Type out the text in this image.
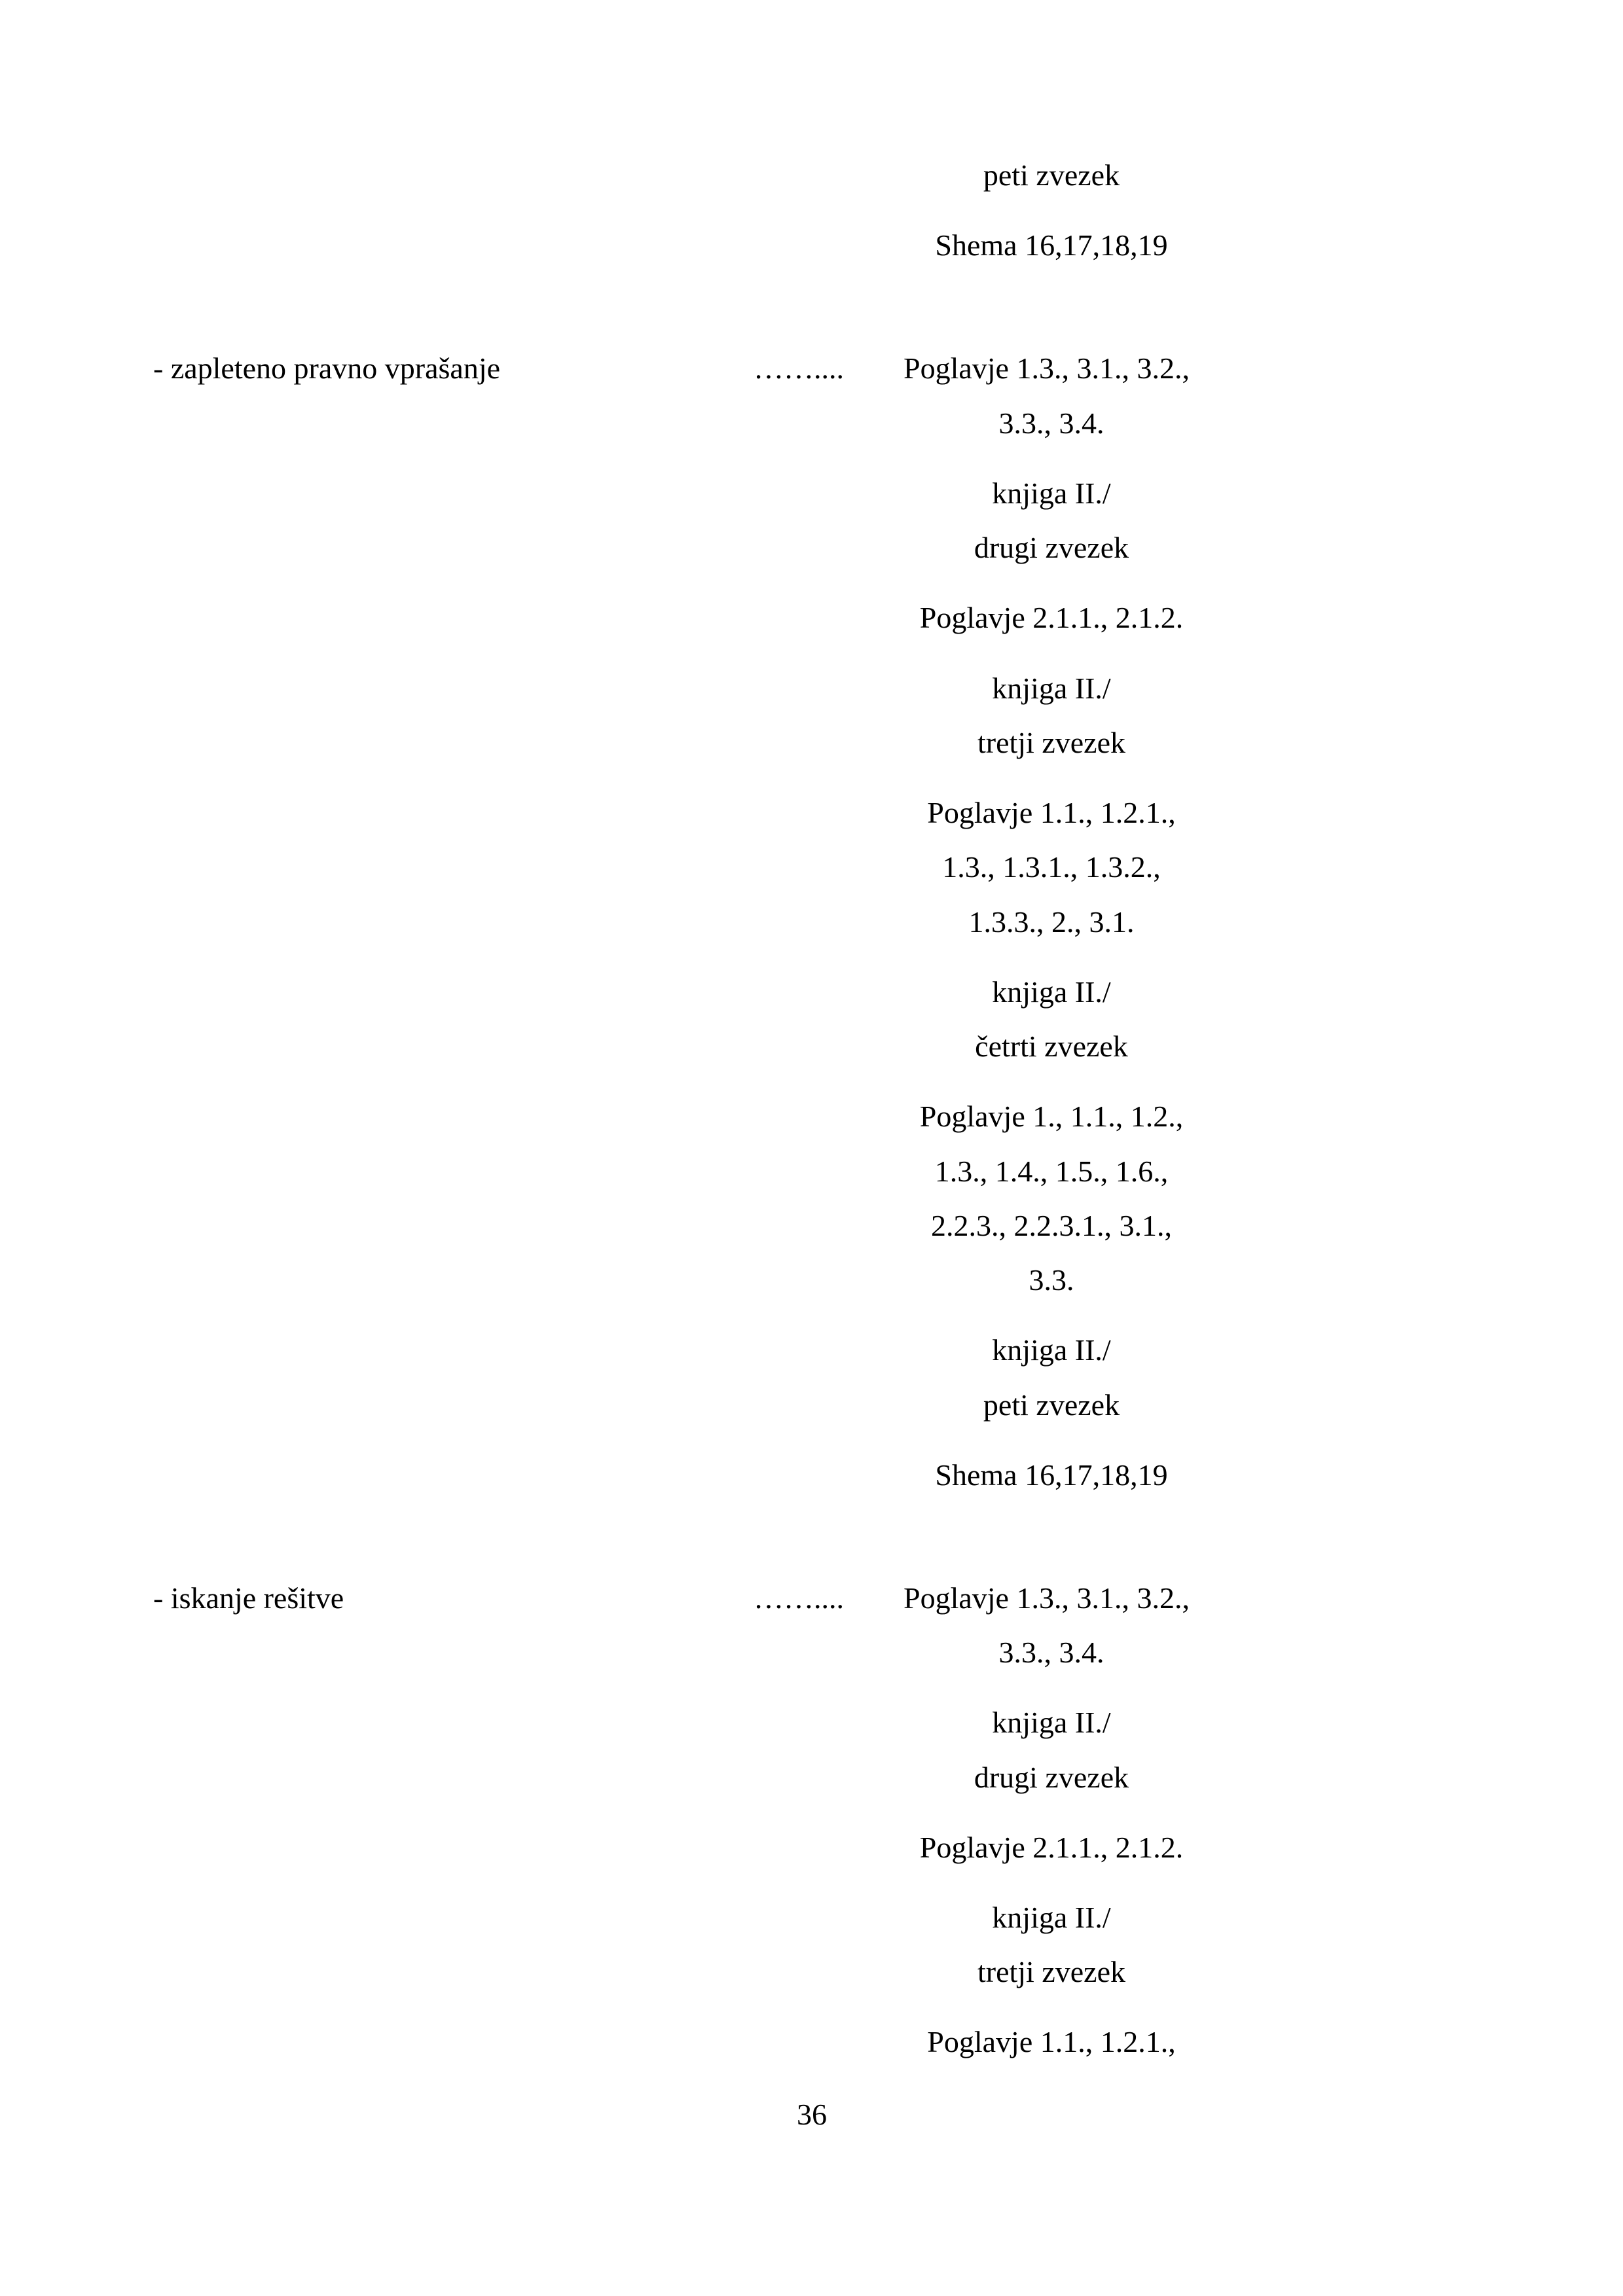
peti zvezek
Shema 16,17,18,19
- zapleteno pravno vprašanje	…….... Poglavje 1.3., 3.1., 3.2.,
3.3., 3.4.
knjiga II./
drugi zvezek
Poglavje 2.1.1., 2.1.2.
knjiga II./
tretji zvezek
Poglavje 1.1., 1.2.1.,
1.3., 1.3.1., 1.3.2.,
1.3.3., 2., 3.1.
knjiga II./
četrti zvezek
Poglavje 1., 1.1., 1.2.,
1.3., 1.4., 1.5., 1.6.,
2.2.3., 2.2.3.1., 3.1.,
3.3.
knjiga II./
peti zvezek
Shema 16,17,18,19
- iskanje rešitve	…….... Poglavje 1.3., 3.1., 3.2.,
3.3., 3.4.
knjiga II./
drugi zvezek
Poglavje 2.1.1., 2.1.2.
knjiga II./
tretji zvezek
Poglavje 1.1., 1.2.1.,
36
